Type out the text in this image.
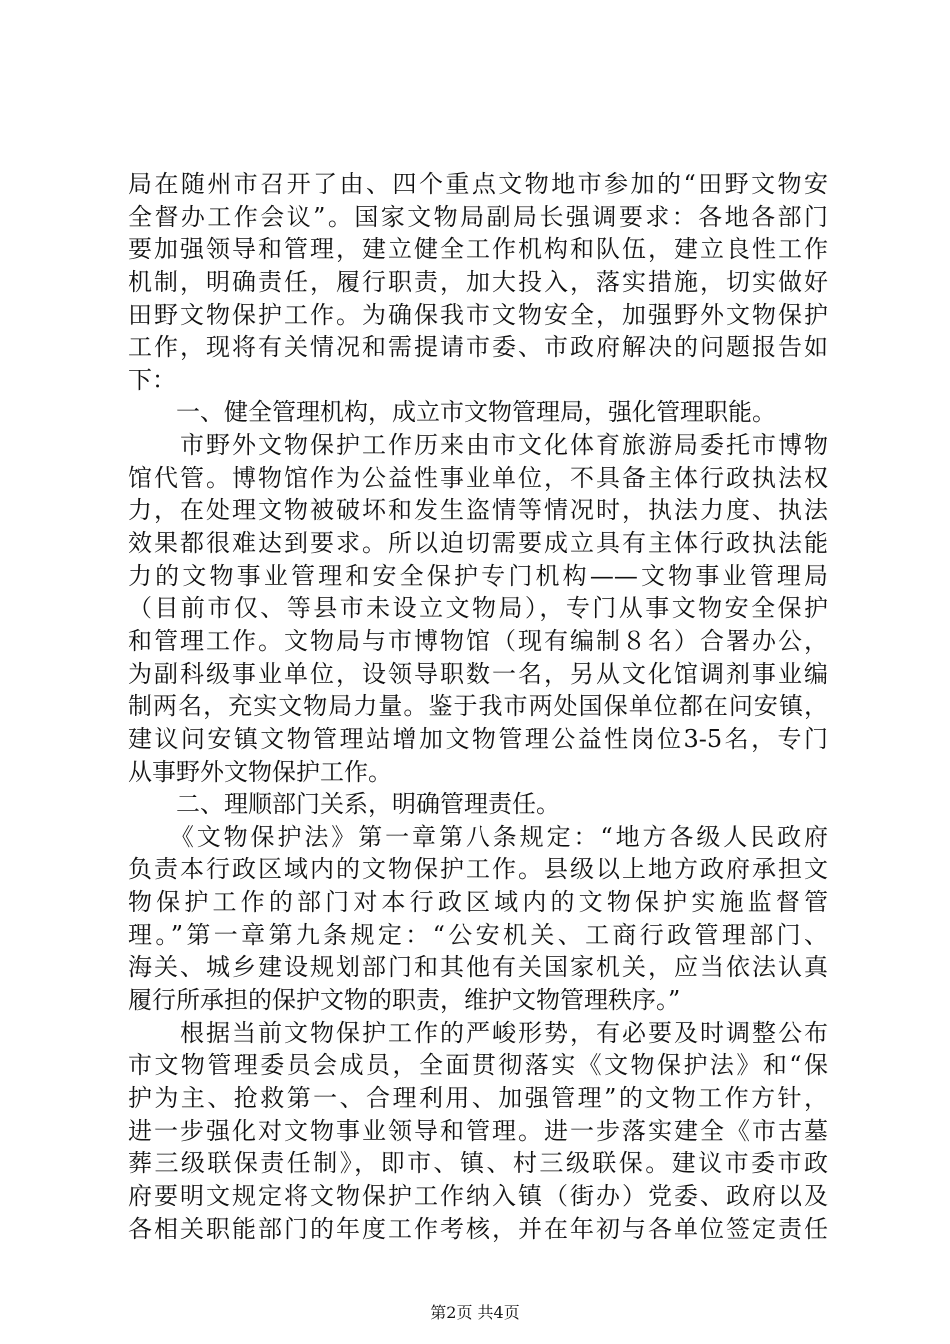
局在随州市召开了由、四个重点文物地市参加的“田野文物安
全督办工作会议”。国家文物局副局长强调要求：各地各部门
要加强领导和管理，建立健全工作机构和队伍，建立良性工作
机制，明确责任，履行职责，加大投入，落实措施，切实做好
田野文物保护工作。为确保我市文物安全，加强野外文物保护
工作，现将有关情况和需提请市委、市政府解决的问题报告如
下：
　　一、健全管理机构，成立市文物管理局，强化管理职能。
　　市野外文物保护工作历来由市文化体育旅游局委托市博物
馆代管。博物馆作为公益性事业单位，不具备主体行政执法权
力，在处理文物被破坏和发生盗情等情况时，执法力度、执法
效果都很难达到要求。所以迫切需要成立具有主体行政执法能
力的文物事业管理和安全保护专门机构——文物事业管理局
（目前市仅、等县市未设立文物局），专门从事文物安全保护
和管理工作。文物局与市博物馆（现有编制８名）合署办公，
为副科级事业单位，设领导职数一名，另从文化馆调剂事业编
制两名，充实文物局力量。鉴于我市两处国保单位都在问安镇，
建议问安镇文物管理站增加文物管理公益性岗位3-5名，专门
从事野外文物保护工作。
　　二、理顺部门关系，明确管理责任。
　　《文物保护法》第一章第八条规定：“地方各级人民政府
负责本行政区域内的文物保护工作。县级以上地方政府承担文
物保护工作的部门对本行政区域内的文物保护实施监督管
理。”第一章第九条规定：“公安机关、工商行政管理部门、
海关、城乡建设规划部门和其他有关国家机关，应当依法认真
履行所承担的保护文物的职责，维护文物管理秩序。”
　　根据当前文物保护工作的严峻形势，有必要及时调整公布
市文物管理委员会成员，全面贯彻落实《文物保护法》和“保
护为主、抢救第一、合理利用、加强管理”的文物工作方针，
进一步强化对文物事业领导和管理。进一步落实建全《市古墓
葬三级联保责任制》，即市、镇、村三级联保。建议市委市政
府要明文规定将文物保护工作纳入镇（街办）党委、政府以及
各相关职能部门的年度工作考核，并在年初与各单位签定责任
第2页 共4页
